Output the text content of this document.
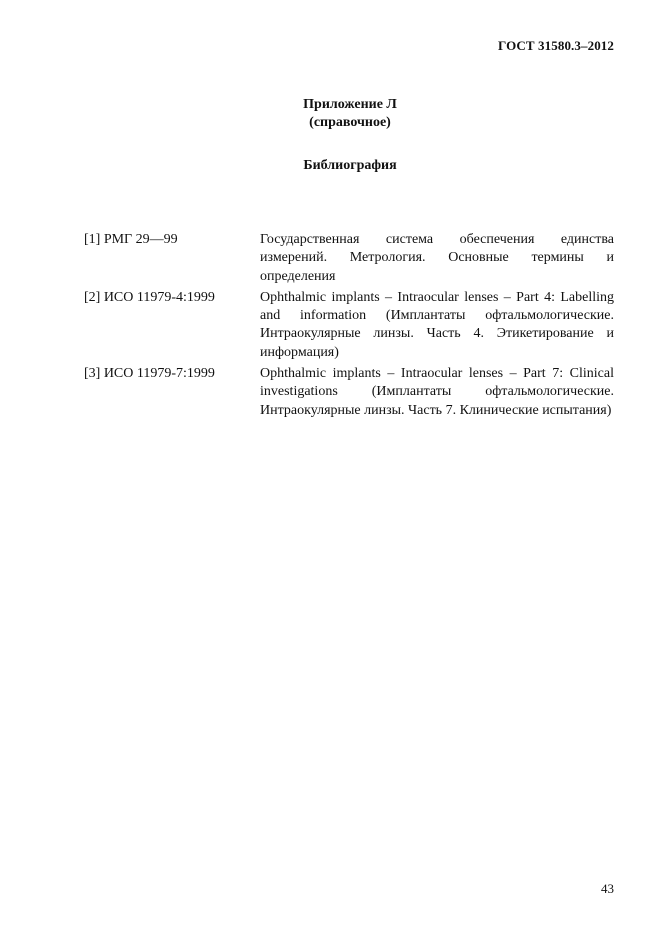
ГОСТ 31580.3–2012
Приложение Л
(справочное)
Библиография
[1] РМГ 29—99	Государственная система обеспечения единства измерений. Метрология. Основные термины и определения
[2] ИСО 11979-4:1999	Ophthalmic implants – Intraocular lenses – Part 4: Labelling and information (Имплантаты офтальмологические. Интраокулярные линзы. Часть 4. Этикетирование и информация)
[3] ИСО 11979-7:1999	Ophthalmic implants – Intraocular lenses – Part 7: Clinical investigations (Имплантаты офтальмологические. Интраокулярные линзы. Часть 7. Клинические испытания)
43
